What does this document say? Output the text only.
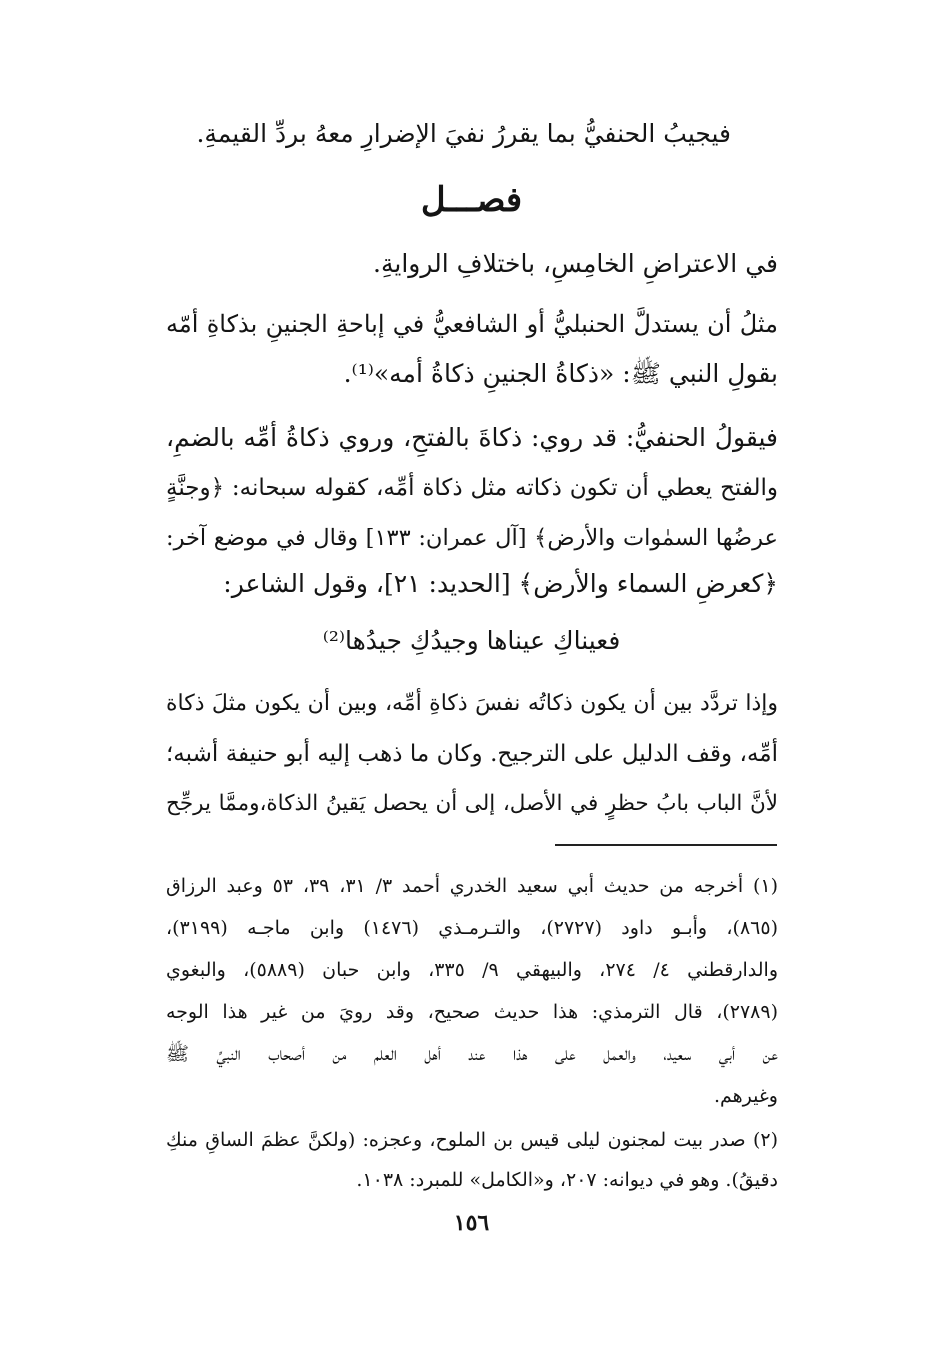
فيجيبُ الحنفيُّ بما يقررُ نفيَ الإضرارِ معهُ بردِّ القيمةِ.
فصـــل
في الاعتراضِ الخامِسِ، باختلافِ الروايةِ.
مثلُ أن يستدلَّ الحنبليُّ أو الشافعيُّ في إباحةِ الجنينِ بذكاةِ أمّه
بقولِ النبي ﷺ: «ذكاةُ الجنينِ ذكاةُ أمه»⁽¹⁾.
فيقولُ الحنفيُّ: قد روي: ذكاةَ بالفتحِ، وروي ذكاةُ أمِّه بالضمِ،
والفتح يعطي أن تكون ذكاته مثل ذكاة أمِّه، كقوله سبحانه: ﴿وجنَّةٍ
عرضُها السمٰوات والأرض﴾ [آل عمران: ١٣٣] وقال في موضع آخر:
﴿كعرضِ السماء والأرض﴾ [الحديد: ٢١]، وقول الشاعر:
فعيناكِ عيناها وجيدُكِ جيدُها⁽²⁾
وإذا تردَّد بين أن يكون ذكاتُه نفسَ ذكاةِ أمِّه، وبين أن يكون مثلَ ذكاة
أمِّه، وقف الدليل على الترجيح. وكان ما ذهب إليه أبو حنيفة أشبه؛
لأنَّ الباب بابُ حظرٍ في الأصل، إلى أن يحصل يَقينُ الذكاة،وممَّا يرجِّح
(١) أخرجه من حديث أبي سعيد الخدري أحمد ٣/ ٣١، ٣٩، ٥٣ وعبد الرزاق
(٨٦٥)، وأبـو داود (٢٧٢٧)، والتـرمـذي (١٤٧٦) وابن ماجـه (٣١٩٩)،
والدارقطني ٤/ ٢٧٤، والبيهقي ٩/ ٣٣٥، وابن حبان (٥٨٨٩)، والبغوي
(٢٧٨٩)، قال الترمذي: هذا حديث صحيح، وقد رويَ من غير هذا الوجه
عن أبي سعيد، والعمل على هذا عند أهل العلم من أصحاب النبيِّ ﷺ
وغيرهم.
(٢) صدر بيت لمجنون ليلى قيس بن الملوح، وعجزه: (ولكنَّ عظمَ الساقِ منكِ
دقيقُ). وهو في ديوانه: ٢٠٧، و«الكامل» للمبرد: ١٠٣٨.
١٥٦
